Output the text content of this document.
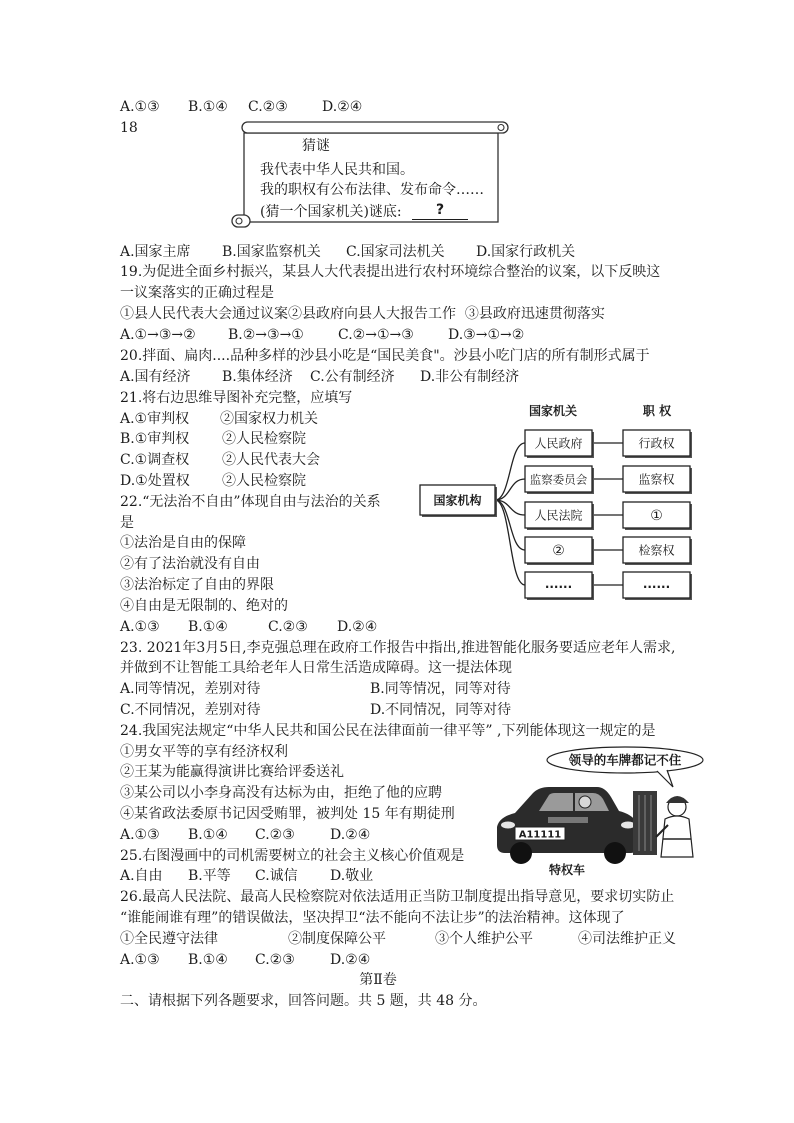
A.①③ B.①④ C.②③ D.②④
18
猜谜
我代表中华人民共和国。
我的职权有公布法律、发布命令……
(猜一个国家机关)谜底:	?
A.国家主席 B.国家监察机关 C.国家司法机关 D.国家行政机关
19.为促进全面乡村振兴，某县人大代表提出进行农村环境综合整治的议案，以下反映这
一议案落实的正确过程是
①县人民代表大会通过议案②县政府向县人大报告工作  ③县政府迅速贯彻落实
A.①→③→② B.②→③→① C.②→①→③ D.③→①→②
20.拌面、扁肉....品种多样的沙县小吃是“国民美食"。沙县小吃门店的所有制形式属于
A.国有经济 B.集体经济 C.公有制经济 D.非公有制经济
21.将右边思维导图补充完整，应填写
A.①审判权 ②国家权力机关
B.①审判权 ②人民检察院
C.①调查权 ②人民代表大会
D.①处置权 ②人民检察院
国家机关	职 权
国家机构
人民政府	行政权
监察委员会	监察权
人民法院	①
②	检察权
......	......
22.“无法治不自由”体现自由与法治的关系
是
①法治是自由的保障
②有了法治就没有自由
③法治标定了自由的界限
④自由是无限制的、绝对的
A.①③ B.①④	C.②③ D.②④
23. 2021年3月5日,李克强总理在政府工作报告中指出,推进智能化服务要适应老年人需求,
并做到不让智能工具给老年人日常生活造成障碍。这一提法体现
A.同等情况，差别对待	B.同等情况，同等对待
C.不同情况，差别对待	D.不同情况，同等对待
24.我国宪法规定“中华人民共和国公民在法律面前一律平等” ,下列能体现这一规定的是
①男女平等的享有经济权利
②王某为能赢得演讲比赛给评委送礼
③某公司以小李身高没有达标为由，拒绝了他的应聘
④某省政法委原书记因受贿罪，被判处 15 年有期徒刑
A.①③ B.①④ C.②③	D.②④
领导的车牌都记不住
A11111
特权车
25.右图漫画中的司机需要树立的社会主义核心价值观是
A.自由 B.平等 C.诚信 D.敬业
26.最高人民法院、最高人民检察院对依法适用正当防卫制度提出指导意见，要求切实防止
“谁能闹谁有理”的错误做法，坚决捍卫“法不能向不法让步”的法治精神。这体现了
①全民遵守法律	②制度保障公平	③个人维护公平	④司法维护正义
A.①③ B.①④ C.②③	D.②④
第Ⅱ卷
二、请根据下列各题要求，回答问题。共 5 题，共 48 分。
